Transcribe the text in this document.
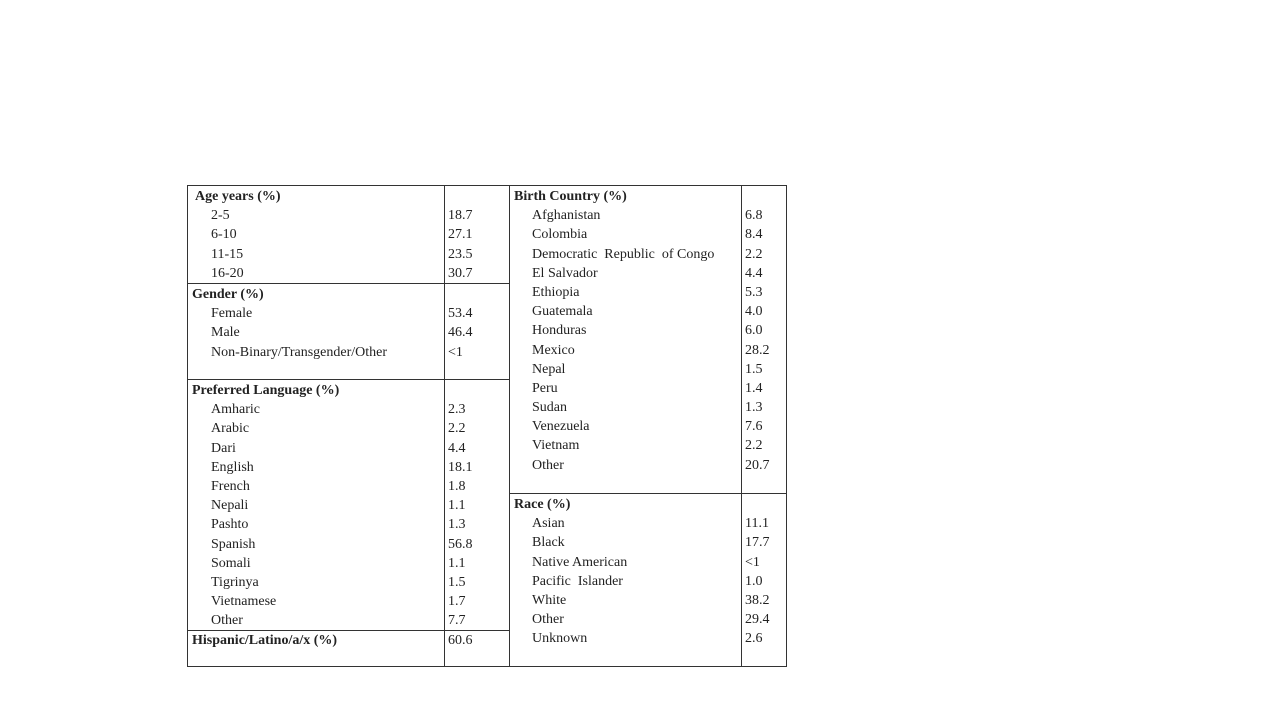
Age years (%)
2-5	18.7
6-10	27.1
11-15	23.5
16-20	30.7
Gender (%)
Female	53.4
Male	46.4
Non-Binary/Transgender/Other	<1
Preferred Language (%)
Amharic	2.3
Arabic	2.2
Dari	4.4
English	18.1
French	1.8
Nepali	1.1
Pashto	1.3
Spanish	56.8
Somali	1.1
Tigrinya	1.5
Vietnamese	1.7
Other	7.7
Hispanic/Latino/a/x (%)	60.6
Birth Country (%)
Afghanistan	6.8
Colombia	8.4
Democratic  Republic  of Congo 2.2
El Salvador	4.4
Ethiopia	5.3
Guatemala	4.0
Honduras	6.0
Mexico	28.2
Nepal	1.5
Peru	1.4
Sudan	1.3
Venezuela	7.6
Vietnam	2.2
Other	20.7
Race (%)
Asian	11.1
Black	17.7
Native American	<1
Pacific  Islander	1.0
White	38.2
Other	29.4
Unknown	2.6
